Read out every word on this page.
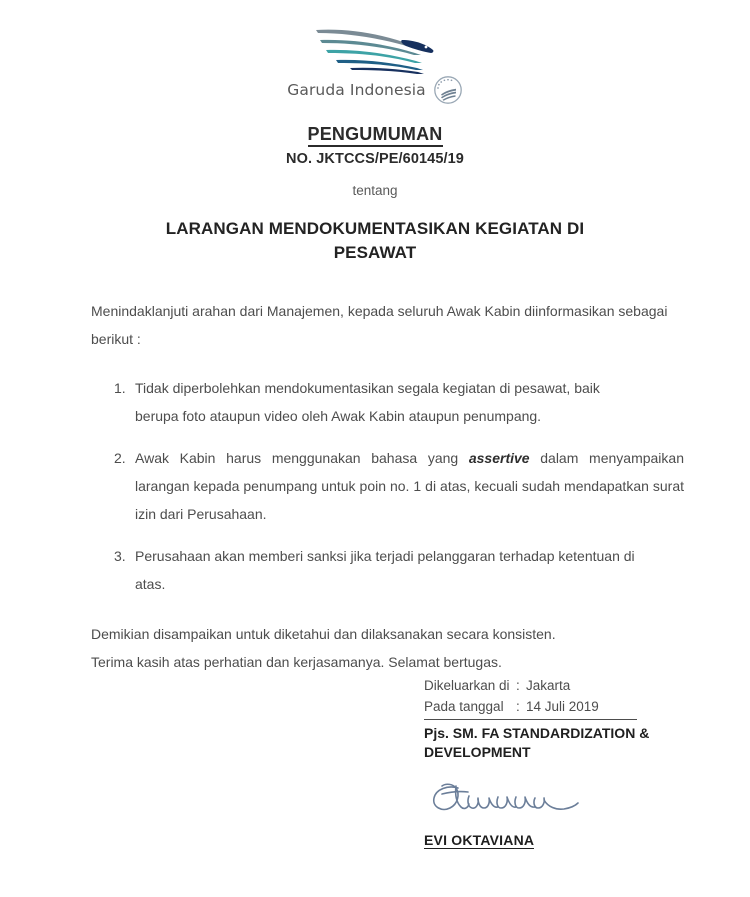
Garuda Indonesia
PENGUMUMAN
NO. JKTCCS/PE/60145/19
tentang
LARANGAN MENDOKUMENTASIKAN KEGIATAN DI PESAWAT
Menindaklanjuti arahan dari Manajemen, kepada seluruh Awak Kabin diinformasikan sebagai berikut :
1. Tidak diperbolehkan mendokumentasikan segala kegiatan di pesawat, baik
berupa foto ataupun video oleh Awak Kabin ataupun penumpang.
2. Awak Kabin harus menggunakan bahasa yang assertive dalam menyampaikan larangan kepada penumpang untuk poin no. 1 di atas, kecuali sudah mendapatkan surat izin dari Perusahaan.
3. Perusahaan akan memberi sanksi jika terjadi pelanggaran terhadap ketentuan di
atas.
Demikian disampaikan untuk diketahui dan dilaksanakan secara konsisten.
Terima kasih atas perhatian dan kerjasamanya. Selamat bertugas.
Dikeluarkan di : Jakarta
Pada tanggal : 14 Juli 2019
Pjs. SM. FA STANDARDIZATION & DEVELOPMENT
EVI OKTAVIANA
